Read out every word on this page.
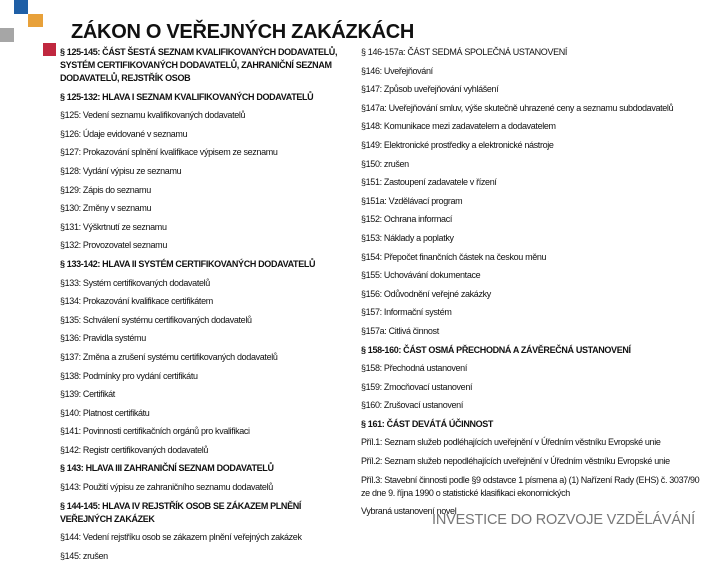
ZÁKON O VEŘEJNÝCH ZAKÁZKÁCH
§ 125-145: ČÁST ŠESTÁ SEZNAM KVALIFIKOVANÝCH DODAVATELŮ, SYSTÉM CERTIFIKOVANÝCH DODAVATELŮ, ZAHRANIČNÍ SEZNAM DODAVATELŮ, REJSTŘÍK OSOB
§ 125-132: HLAVA I SEZNAM KVALIFIKOVANÝCH DODAVATELŮ
§125: Vedení seznamu kvalifikovaných dodavatelů
§126: Údaje evidované v seznamu
§127: Prokazování splnění kvalifikace výpisem ze seznamu
§128: Vydání výpisu ze seznamu
§129: Zápis do seznamu
§130: Změny v seznamu
§131: Výškrtnutí ze seznamu
§132: Provozovatel seznamu
§ 133-142: HLAVA II SYSTÉM CERTIFIKOVANÝCH DODAVATELŮ
§133: Systém certifikovaných dodavatelů
§134: Prokazování kvalifikace certifikátem
§135: Schválení systému certifikovaných dodavatelů
§136: Pravidla systému
§137: Změna a zrušení systému certifikovaných dodavatelů
§138: Podmínky pro vydání certifikátu
§139: Certifikát
§140: Platnost certifikátu
§141: Povinnosti certifikačních orgánů pro kvalifikaci
§142: Registr certifikovaných dodavatelů
§ 143: HLAVA III ZAHRANIČNÍ SEZNAM DODAVATELŮ
§143: Použití výpisu ze zahraničního seznamu dodavatelů
§ 144-145: HLAVA IV REJSTŘÍK OSOB SE ZÁKAZEM PLNĚNÍ VEŘEJNÝCH ZAKÁZEK
§144: Vedení rejstříku osob se zákazem plnění veřejných zakázek
§145: zrušen
§ 146-157a: ČÁST SEDMÁ SPOLEČNÁ USTANOVENÍ
§146: Uveřejňování
§147: Způsob uveřejňování vyhlášení
§147a: Uveřejňování smluv, výše skutečně uhrazené ceny a seznamu subdodavatelů
§148: Komunikace mezi zadavatelem a dodavatelem
§149: Elektronické prostředky a elektronické nástroje
§150: zrušen
§151: Zastoupení zadavatele v řízení
§151a: Vzdělávací program
§152: Ochrana informací
§153: Náklady a poplatky
§154: Přepočet finančních částek na českou měnu
§155: Uchovávání dokumentace
§156: Odůvodnění veřejné zakázky
§157: Informační systém
§157a: Citlivá činnost
§ 158-160: ČÁST OSMÁ PŘECHODNÁ A ZÁVĚREČNÁ USTANOVENÍ
§158: Přechodná ustanovení
§159: Zmocňovací ustanovení
§160: Zrušovací ustanovení
§ 161: ČÁST DEVÁTÁ ÚČINNOST
Příl.1: Seznam služeb podléhajících uveřejnění v Úředním věstníku Evropské unie
Příl.2: Seznam služeb nepodléhajících uveřejnění v Úředním věstníku Evropské unie
Příl.3: Stavební činnosti podle §9 odstavce 1 písmena a) (1) Nařízení Rady (EHS) č. 3037/90 ze dne 9. října 1990 o statistické klasifikaci ekonomických
Vybraná ustanovení novel
INVESTICE DO ROZVOJE VZDĚLÁVÁNÍ
